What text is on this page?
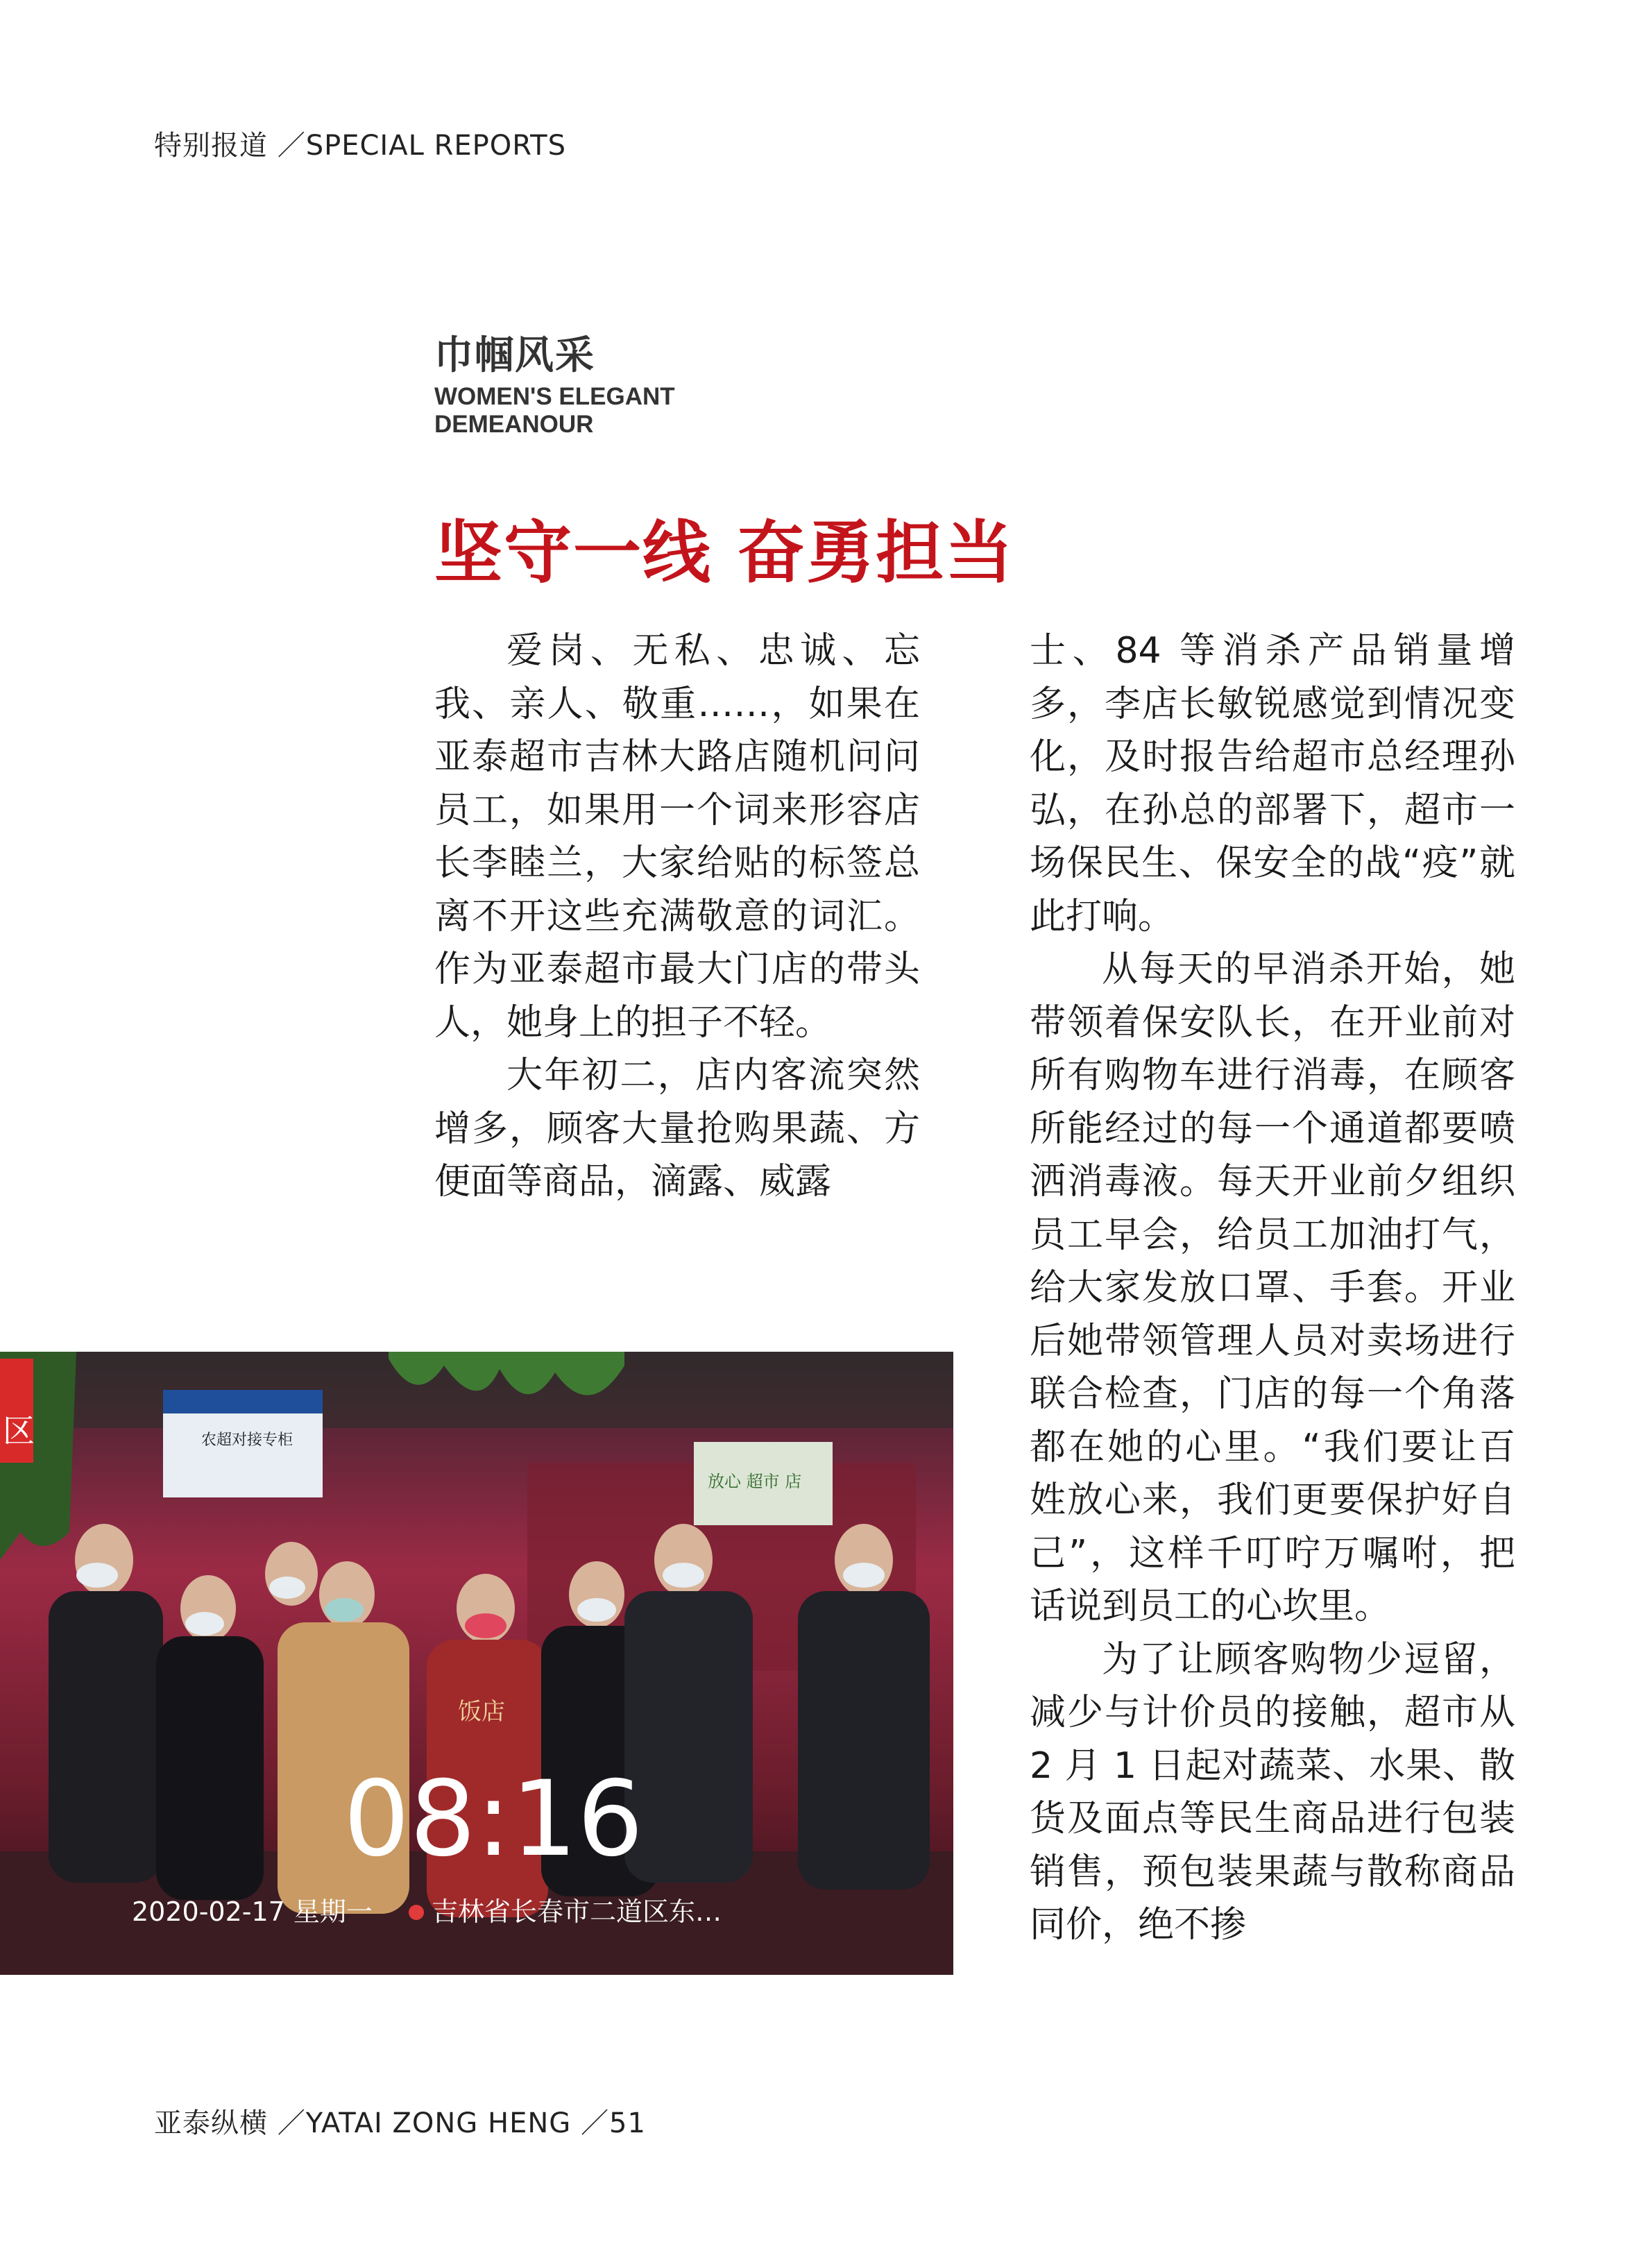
特别报道 ／SPECIAL REPORTS
巾帼风采
WOMEN'S ELEGANT
DEMEANOUR
坚守一线 奋勇担当

爱岗、无私、忠诚、忘我、亲人、敬重……，如果在亚泰超市吉林大路店随机问问员工，如果用一个词来形容店长李睦兰，大家给贴的标签总离不开这些充满敬意的词汇。作为亚泰超市最大门店的带头人，她身上的担子不轻。

大年初二，店内客流突然增多，顾客大量抢购果蔬、方便面等商品，滴露、威露

士、84 等消杀产品销量增多，李店长敏锐感觉到情况变化，及时报告给超市总经理孙弘，在孙总的部署下，超市一场保民生、保安全的战“疫”就此打响。

从每天的早消杀开始，她带领着保安队长，在开业前对所有购物车进行消毒，在顾客所能经过的每一个通道都要喷洒消毒液。每天开业前夕组织员工早会，给员工加油打气，给大家发放口罩、手套。开业后她带领管理人员对卖场进行联合检查，门店的每一个角落都在她的心里。“我们要让百姓放心来，我们更要保护好自己”，这样千叮咛万嘱咐，把话说到员工的心坎里。

为了让顾客购物少逗留，减少与计价员的接触，超市从 2 月 1 日起对蔬菜、水果、散货及面点等民生商品进行包装销售，预包装果蔬与散称商品同价，绝不掺

区	农超对接专柜
放心 超市 店
饭店
08:16
2020-02-17 星期一 吉林省长春市二道区东…
亚泰纵横 ／YATAI ZONG HENG ／51
